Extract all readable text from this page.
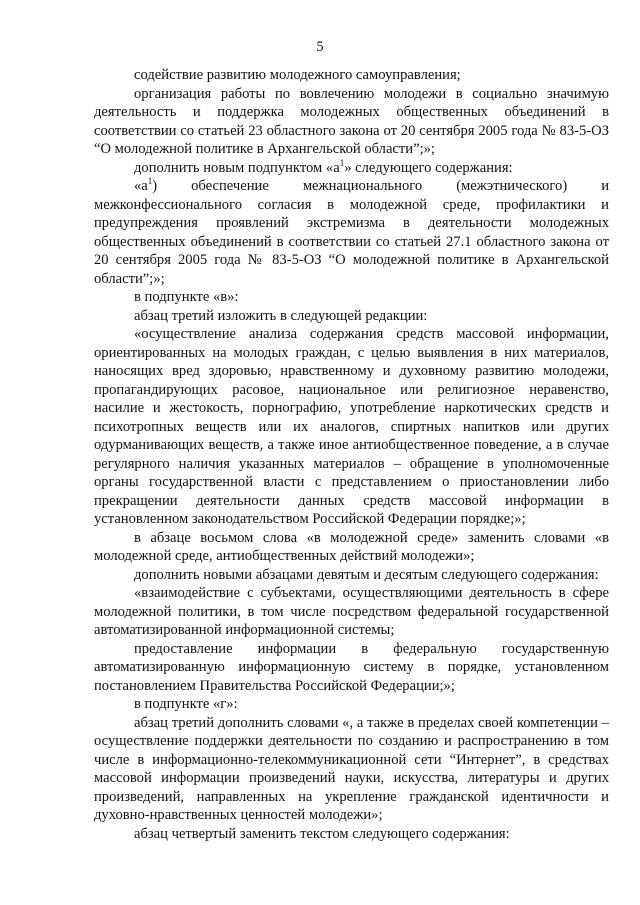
5

содействие развитию молодежного самоуправления;

организация работы по вовлечению молодежи в социально значимую деятельность и поддержка молодежных общественных объединений в соответствии со статьей 23 областного закона от 20 сентября 2005 года № 83-5-ОЗ “О молодежной политике в Архангельской области”;»;

дополнить новым подпунктом «$а^1$» следующего содержания:

«$а^1$) обеспечение межнационального (межэтнического) и межконфессионального согласия в молодежной среде, профилактики и предупреждения проявлений экстремизма в деятельности молодежных общественных объединений в соответствии со статьей 27.1 областного закона от 20 сентября 2005 года № 83-5-ОЗ “О молодежной политике в Архангельской области”;»;

в подпункте «в»:

абзац третий изложить в следующей редакции:

«осуществление анализа содержания средств массовой информации, ориентированных на молодых граждан, с целью выявления в них материалов, наносящих вред здоровью, нравственному и духовному развитию молодежи, пропагандирующих расовое, национальное или религиозное неравенство, насилие и жестокость, порнографию, употребление наркотических средств и психотропных веществ или их аналогов, спиртных напитков или других одурманивающих веществ, а также иное антиобщественное поведение, а в случае регулярного наличия указанных материалов – обращение в уполномоченные органы государственной власти с представлением о приостановлении либо прекращении деятельности данных средств массовой информации в установленном законодательством Российской Федерации порядке;»;

в абзаце восьмом слова «в молодежной среде» заменить словами «в молодежной среде, антиобщественных действий молодежи»;

дополнить новыми абзацами девятым и десятым следующего содержания:

«взаимодействие с субъектами, осуществляющими деятельность в сфере молодежной политики, в том числе посредством федеральной государственной автоматизированной информационной системы;

предоставление информации в федеральную государственную автоматизированную информационную систему в порядке, установленном постановлением Правительства Российской Федерации;»;

в подпункте «г»:

абзац третий дополнить словами «, а также в пределах своей компетенции – осуществление поддержки деятельности по созданию и распространению в том числе в информационно-телекоммуникационной сети “Интернет”, в средствах массовой информации произведений науки, искусства, литературы и других произведений, направленных на укрепление гражданской идентичности и духовно-нравственных ценностей молодежи»;

абзац четвертый заменить текстом следующего содержания:
